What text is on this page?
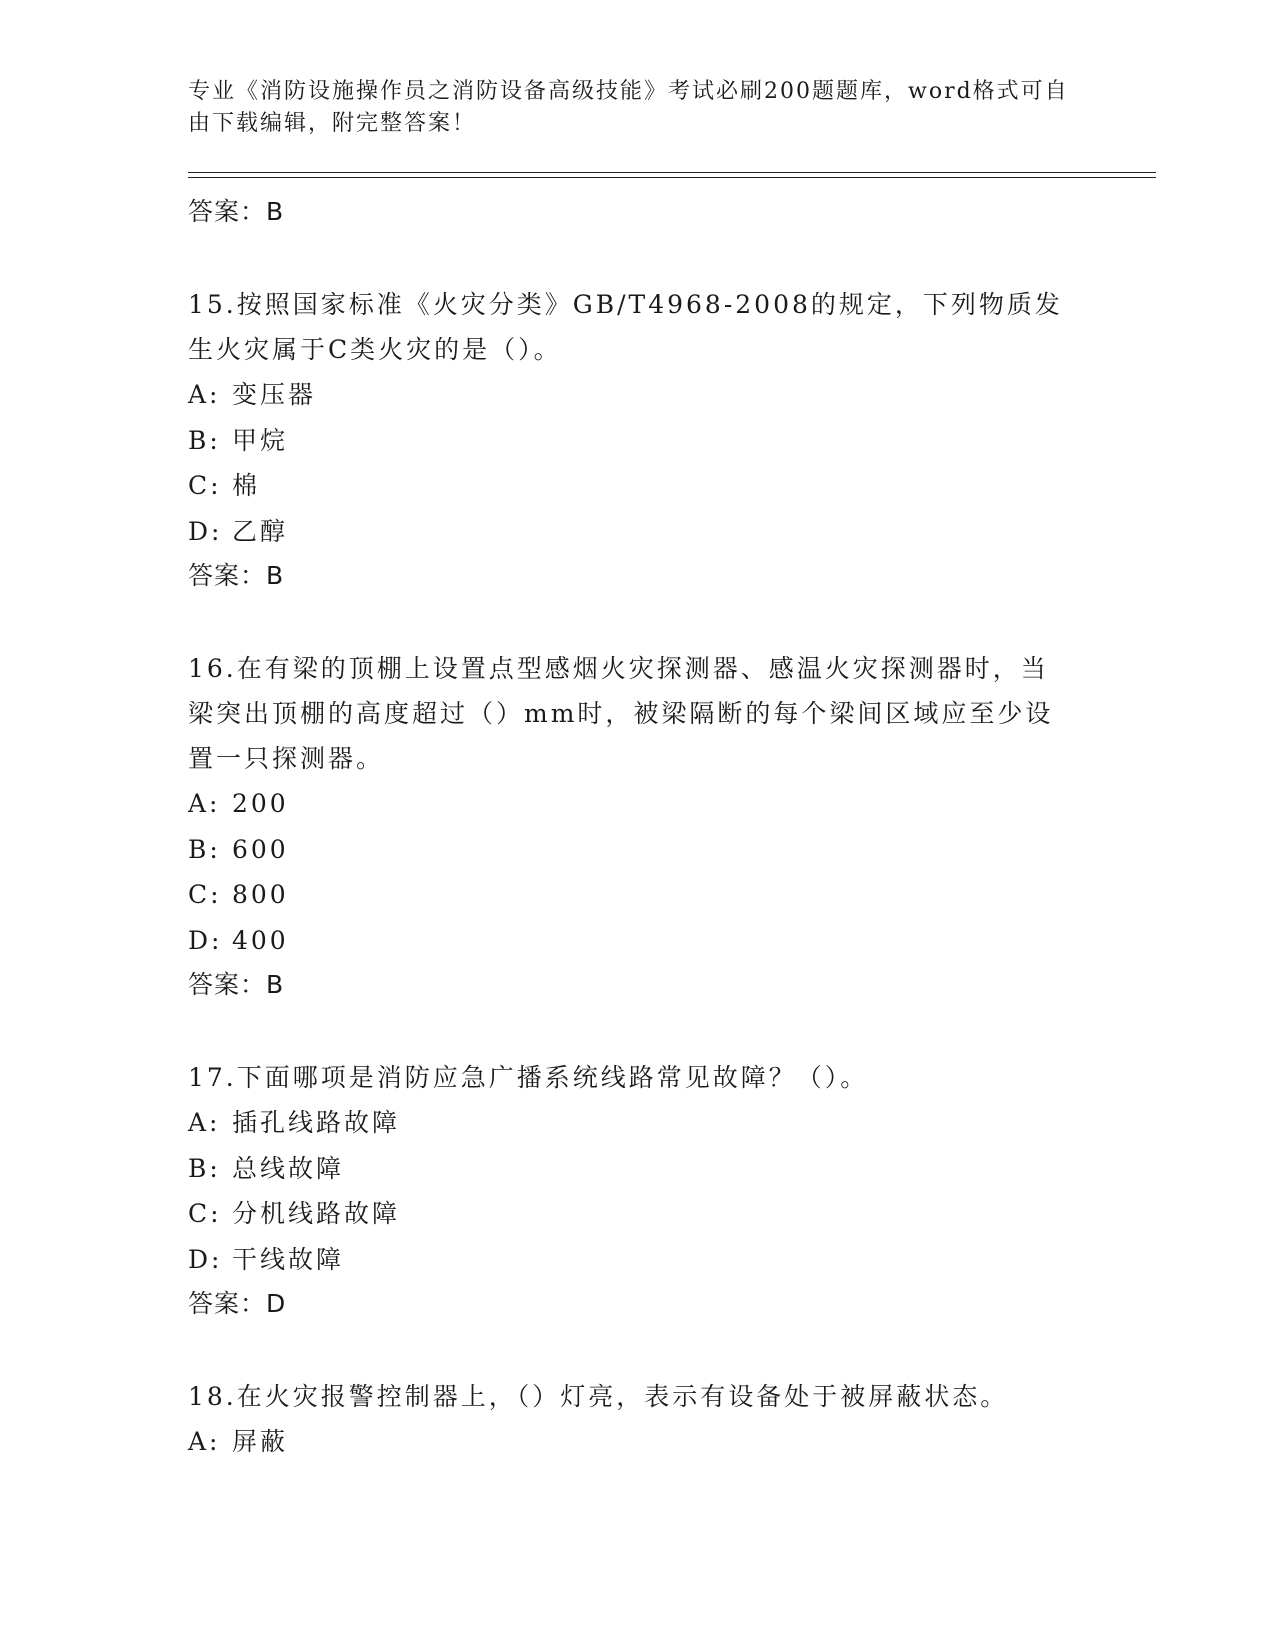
专业《消防设施操作员之消防设备高级技能》考试必刷200题题库，word格式可自由下载编辑，附完整答案！
答案：B
15.按照国家标准《火灾分类》GB/T4968-2008的规定，下列物质发生火灾属于C类火灾的是（）。
A: 变压器
B: 甲烷
C: 棉
D: 乙醇
答案：B
16.在有梁的顶棚上设置点型感烟火灾探测器、感温火灾探测器时，当梁突出顶棚的高度超过（）mm时，被梁隔断的每个梁间区域应至少设置一只探测器。
A: 200
B: 600
C: 800
D: 400
答案：B
17.下面哪项是消防应急广播系统线路常见故障？（）。
A: 插孔线路故障
B: 总线故障
C: 分机线路故障
D: 干线故障
答案：D
18.在火灾报警控制器上，（）灯亮，表示有设备处于被屏蔽状态。
A: 屏蔽
